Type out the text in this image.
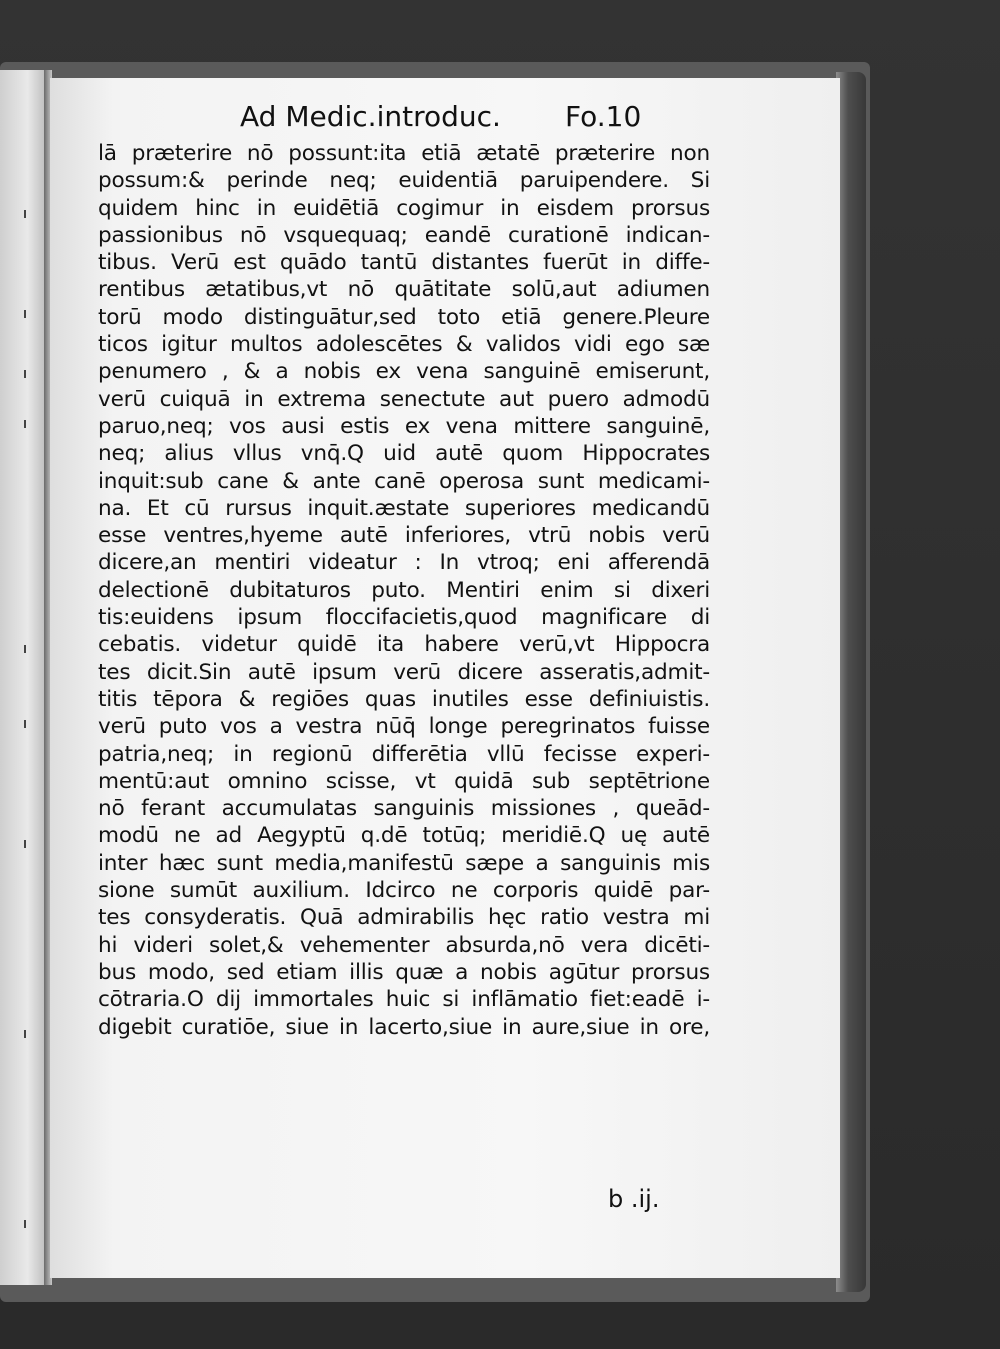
Ad Medic.introduc. Fo.10
lā præterire nō possunt:ita etiā ætatē præterire non
possum:& perinde neq; euidentiā paruipendere. Si
quidem hinc in euidētiā cogimur in eisdem prorsus
passionibus nō vsquequaq; eandē curationē indican-
tibus. Verū est quādo tantū distantes fuerūt in diffe-
rentibus ætatibus,vt nō quātitate solū,aut adiumen
torū modo distinguātur,sed toto etiā genere.Pleure
ticos igitur multos adolescētes & validos vidi ego sæ
penumero , & a nobis ex vena sanguinē emiserunt,
verū cuiquā in extrema senectute aut puero admodū
paruo,neq; vos ausi estis ex vena mittere sanguinē,
neq; alius vllus vnq̄.Q uid autē quom Hippocrates
inquit:sub cane & ante canē operosa sunt medicami-
na. Et cū rursus inquit.æstate superiores medicandū
esse ventres,hyeme autē inferiores, vtrū nobis verū
dicere,an mentiri videatur : In vtroq; eni afferendā
delectionē dubitaturos puto. Mentiri enim si dixeri
tis:euidens ipsum floccifacietis,quod magnificare di
cebatis. videtur quidē ita habere verū,vt Hippocra
tes dicit.Sin autē ipsum verū dicere asseratis,admit-
titis tēpora & regiōes quas inutiles esse definiuistis.
verū puto vos a vestra nūq̄ longe peregrinatos fuisse
patria,neq; in regionū differētia vllū fecisse experi-
mentū:aut omnino scisse, vt quidā sub septētrione
nō ferant accumulatas sanguinis missiones , queād-
modū ne ad Aegyptū q.dē totūq; meridiē.Q uę autē
inter hæc sunt media,manifestū sæpe a sanguinis mis
sione sumūt auxilium. Idcirco ne corporis quidē par-
tes consyderatis. Quā admirabilis hęc ratio vestra mi
hi videri solet,& vehementer absurda,nō vera dicēti-
bus modo, sed etiam illis quæ a nobis agūtur prorsus
cōtraria.O dij immortales huic si inflāmatio fiet:eadē i-
digebit curatiōe, siue in lacerto,siue in aure,siue in ore,
b .ij.
